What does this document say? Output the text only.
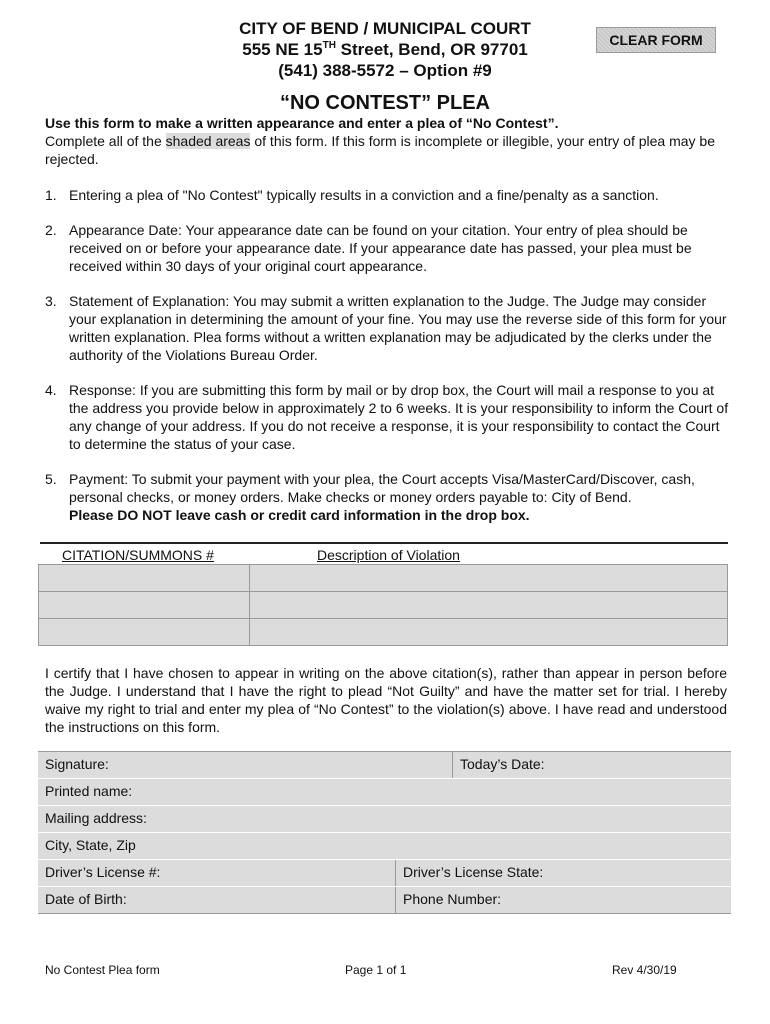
CITY OF BEND / MUNICIPAL COURT
555 NE 15TH Street, Bend, OR 97701
(541) 388-5572 – Option #9
CLEAR FORM
“NO CONTEST” PLEA
Use this form to make a written appearance and enter a plea of “No Contest”.
Complete all of the shaded areas of this form. If this form is incomplete or illegible, your entry of plea may be rejected.
1. Entering a plea of "No Contest" typically results in a conviction and a fine/penalty as a sanction.
2. Appearance Date: Your appearance date can be found on your citation. Your entry of plea should be received on or before your appearance date. If your appearance date has passed, your plea must be received within 30 days of your original court appearance.
3. Statement of Explanation: You may submit a written explanation to the Judge. The Judge may consider your explanation in determining the amount of your fine. You may use the reverse side of this form for your written explanation. Plea forms without a written explanation may be adjudicated by the clerks under the authority of the Violations Bureau Order.
4. Response: If you are submitting this form by mail or by drop box, the Court will mail a response to you at the address you provide below in approximately 2 to 6 weeks. It is your responsibility to inform the Court of any change of your address. If you do not receive a response, it is your responsibility to contact the Court to determine the status of your case.
5. Payment: To submit your payment with your plea, the Court accepts Visa/MasterCard/Discover, cash, personal checks, or money orders. Make checks or money orders payable to: City of Bend.
Please DO NOT leave cash or credit card information in the drop box.
CITATION/SUMMONS #	Description of Violation

I certify that I have chosen to appear in writing on the above citation(s), rather than appear in person before the Judge. I understand that I have the right to plead “Not Guilty” and have the matter set for trial. I hereby waive my right to trial and enter my plea of “No Contest” to the violation(s) above. I have read and understood the instructions on this form.
Signature:	Today’s Date:
Printed name:
Mailing address:
City, State, Zip
Driver’s License #:	Driver’s License State:
Date of Birth:	Phone Number:
No Contest Plea form	Page 1 of 1	Rev 4/30/19
